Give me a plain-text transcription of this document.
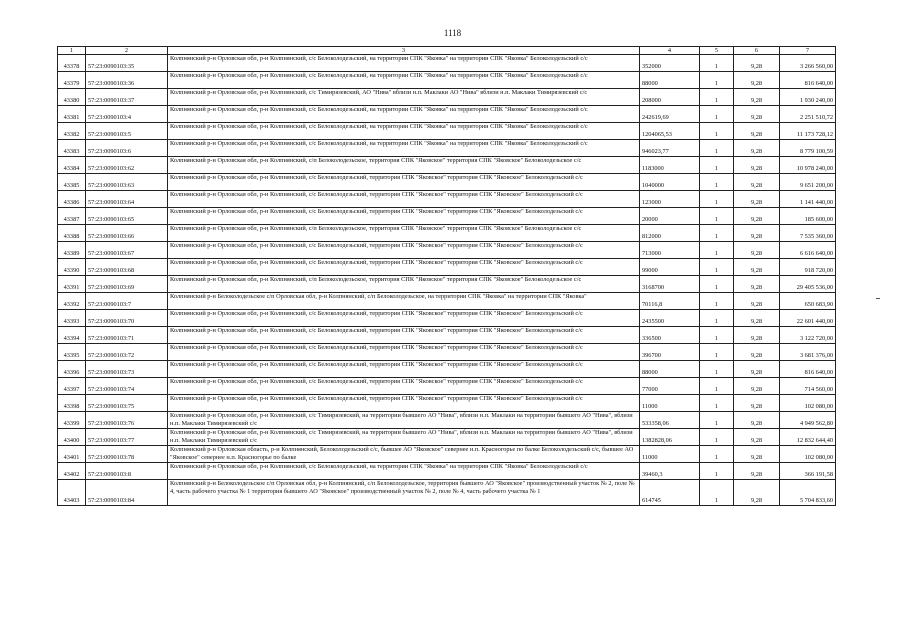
1118
1	2	3	4	5	6	7
43378	57:23:0090103:35	Колпнянский р-н Орловская обл, р-н Колпнянский, с/с Белоколодезьский, на территории СПК "Яковка" на территории СПК "Яковка" Белоколодезьский с/с	352000	1	9,28	3 266 560,00
43379	57:23:0090103:36	Колпнянский р-н Орловская обл, р-н Колпнянский, с/с Белоколодезьский, на территории СПК "Яковка" на территории СПК "Яковка" Белоколодезьский с/с	88000	1	9,28	816 640,00
43380	57:23:0090103:37	Колпнянский р-н Орловская обл, р-н Колпнянский, с/с Тимирязевский, АО "Нива" вблизи н.п. Маклаки АО "Нива" вблизи н.п. Маклаки Тимирязевский с/с	208000	1	9,28	1 930 240,00
43381	57:23:0090103:4	Колпнянский р-н Орловская обл, р-н Колпнянский, с/с Белоколодезьский, на территории СПК "Яковка" на территории СПК "Яковка" Белоколодезьский с/с	242619,69	1	9,28	2 251 510,72
43382	57:23:0090103:5	Колпнянский р-н Орловская обл, р-н Колпнянский, с/с Белоколодезьский, на территории СПК "Яковка" на территории СПК "Яковка" Белоколодезьский с/с	1204065,53	1	9,28	11 173 728,12
43383	57:23:0090103:6	Колпнянский р-н Орловская обл, р-н Колпнянский, с/с Белоколодезьский, на территории СПК "Яковка" на территории СПК "Яковка" Белоколодезьский с/с	946023,77	1	9,28	8 779 100,59
43384	57:23:0090103:62	Колпнянский р-н Орловская обл, р-н Колпнянский, с/п Белоколодезьское, территория СПК "Яковское" территория СПК "Яковское" Белоколодезьское с/с	1183000	1	9,28	10 978 240,00
43385	57:23:0090103:63	Колпнянский р-н Орловская обл, р-н Колпнянский, с/с Белоколодезьский, территория СПК "Яковское" территория СПК "Яковское" Белоколодезьский с/с	1040000	1	9,28	9 651 200,00
43386	57:23:0090103:64	Колпнянский р-н Орловская обл, р-н Колпнянский, с/с Белоколодезьский, территория СПК "Яковское" территория СПК "Яковское" Белоколодезьский с/с	123000	1	9,28	1 141 440,00
43387	57:23:0090103:65	Колпнянский р-н Орловская обл, р-н Колпнянский, с/с Белоколодезьский, территория СПК "Яковское" территория СПК "Яковское" Белоколодезьский с/с	20000	1	9,28	185 600,00
43388	57:23:0090103:66	Колпнянский р-н Орловская обл, р-н Колпнянский, с/п Белоколодезьское, территория СПК "Яковское" территория СПК "Яковское" Белоколодезьское с/с	812000	1	9,28	7 535 360,00
43389	57:23:0090103:67	Колпнянский р-н Орловская обл, р-н Колпнянский, с/с Белоколодезьский, территория СПК "Яковское" территория СПК "Яковское" Белоколодезьский с/с	713000	1	9,28	6 616 640,00
43390	57:23:0090103:68	Колпнянский р-н Орловская обл, р-н Колпнянский, с/с Белоколодезьский, территория СПК "Яковское" территория СПК "Яковское" Белоколодезьский с/с	99000	1	9,28	918 720,00
43391	57:23:0090103:69	Колпнянский р-н Орловская обл, р-н Колпнянский, с/п Белоколодезьское, территория СПК "Яковское" территория СПК "Яковское" Белоколодезьское с/с	3168700	1	9,28	29 405 536,00
43392	57:23:0090103:7	Колпнянский р-н Белоколодезьское с/п Орловская обл, р-н Колпнянский, с/п Белоколодезьское, на территории СПК "Яковка" на территории СПК "Яковка"	70116,8	1	9,28	650 683,90
43393	57:23:0090103:70	Колпнянский р-н Орловская обл, р-н Колпнянский, с/с Белоколодезьский, территория СПК "Яковское" территория СПК "Яковское" Белоколодезьский с/с	2435500	1	9,28	22 601 440,00
43394	57:23:0090103:71	Колпнянский р-н Орловская обл, р-н Колпнянский, с/с Белоколодезьский, территория СПК "Яковское" территория СПК "Яковское" Белоколодезьский с/с	336500	1	9,28	3 122 720,00
43395	57:23:0090103:72	Колпнянский р-н Орловская обл, р-н Колпнянский, с/с Белоколодезьский, территория СПК "Яковское" территория СПК "Яковское" Белоколодезьский с/с	396700	1	9,28	3 681 376,00
43396	57:23:0090103:73	Колпнянский р-н Орловская обл, р-н Колпнянский, с/с Белоколодезьский, территория СПК "Яковское" территория СПК "Яковское" Белоколодезьский с/с	88000	1	9,28	816 640,00
43397	57:23:0090103:74	Колпнянский р-н Орловская обл, р-н Колпнянский, с/с Белоколодезьский, территория СПК "Яковское" территория СПК "Яковское" Белоколодезьский с/с	77000	1	9,28	714 560,00
43398	57:23:0090103:75	Колпнянский р-н Орловская обл, р-н Колпнянский, с/с Белоколодезьский, территория СПК "Яковское" территория СПК "Яковское" Белоколодезьский с/с	11000	1	9,28	102 080,00
43399	57:23:0090103:76	Колпнянский р-н Орловская обл, р-н Колпнянский, с/с Тимирязевский, на территории бывшего АО "Нива", вблизи н.п. Маклаки на территории бывшего АО "Нива", вблизи н.п. Маклаки Тимирязевский с/с	533358,06	1	9,28	4 949 562,80
43400	57:23:0090103:77	Колпнянский р-н Орловская обл, р-н Колпнянский, с/с Тимирязевский, на территории бывшего АО "Нива", вблизи н.п. Маклаки на территории бывшего АО "Нива", вблизи н.п. Маклаки Тимирязевский с/с	1382828,06	1	9,28	12 832 644,40
43401	57:23:0090103:78	Колпнянский р-н Орловская область, р-н Колпнянский, Белоколодезьский с/с, бывшее АО "Яковское" севернее н.п. Красногорье по балке Белоколодезьский с/с, бывшее АО "Яковское" севернее н.п. Красногорье по балке	11000	1	9,28	102 080,00
43402	57:23:0090103:8	Колпнянский р-н Орловская обл, р-н Колпнянский, с/с Белоколодезьский, на территории СПК "Яковка" на территории СПК "Яковка" Белоколодезьский с/с	39460,3	1	9,28	366 191,58
43403	57:23:0090103:84	Колпнянский р-н Белоколодезьское с/п Орловская обл, р-н Колпнянский, с/п Белоколодезьское, территория бывшего АО "Яковское" производственный участок № 2, поле № 4, часть рабочего участка № 1 территория бывшего АО "Яковское" производственный участок № 2, поле № 4, часть рабочего участка № 1	614745	1	9,28	5 704 833,60
